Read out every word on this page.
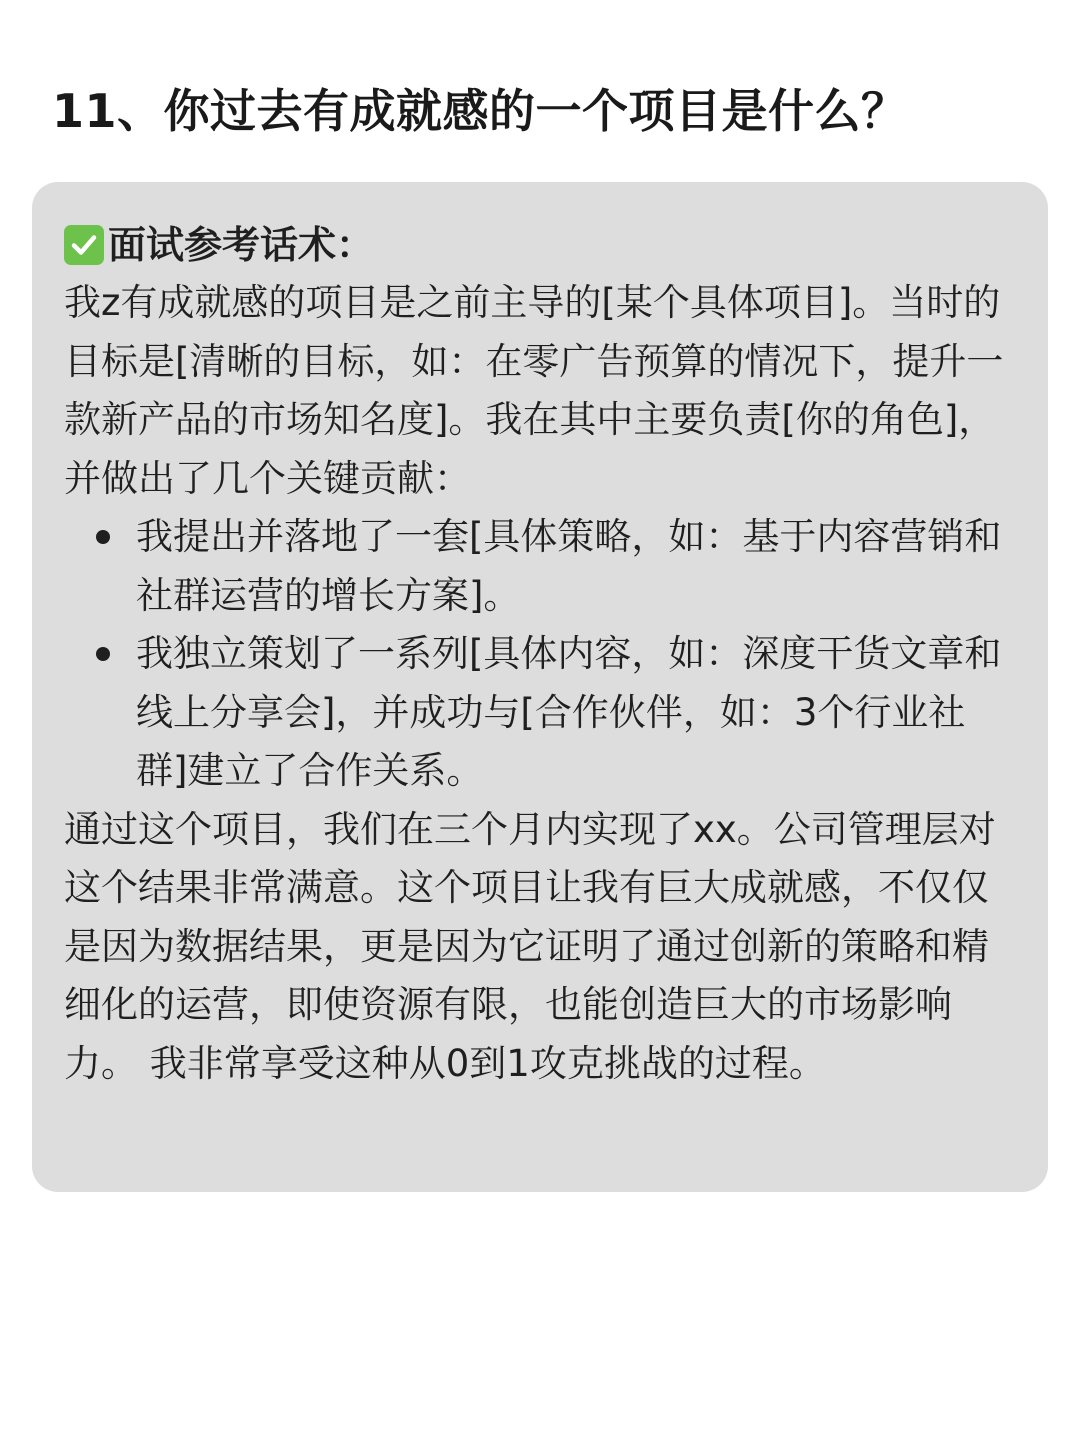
11、你过去有成就感的一个项目是什么？
面试参考话术：

我z有成就感的项目是之前主导的[某个具体项目]。当时的目标是[清晰的目标，如：在零广告预算的情况下，提升一款新产品的市场知名度]。我在其中主要负责[你的角色]，并做出了几个关键贡献：

我提出并落地了一套[具体策略，如：基于内容营销和社群运营的增长方案]。
我独立策划了一系列[具体内容，如：深度干货文章和线上分享会]，并成功与[合作伙伴，如：3个行业社群]建立了合作关系。

通过这个项目，我们在三个月内实现了xx。公司管理层对这个结果非常满意。这个项目让我有巨大成就感，不仅仅是因为数据结果，更是因为它证明了通过创新的策略和精细化的运营，即使资源有限，也能创造巨大的市场影响力。 我非常享受这种从0到1攻克挑战的过程。
